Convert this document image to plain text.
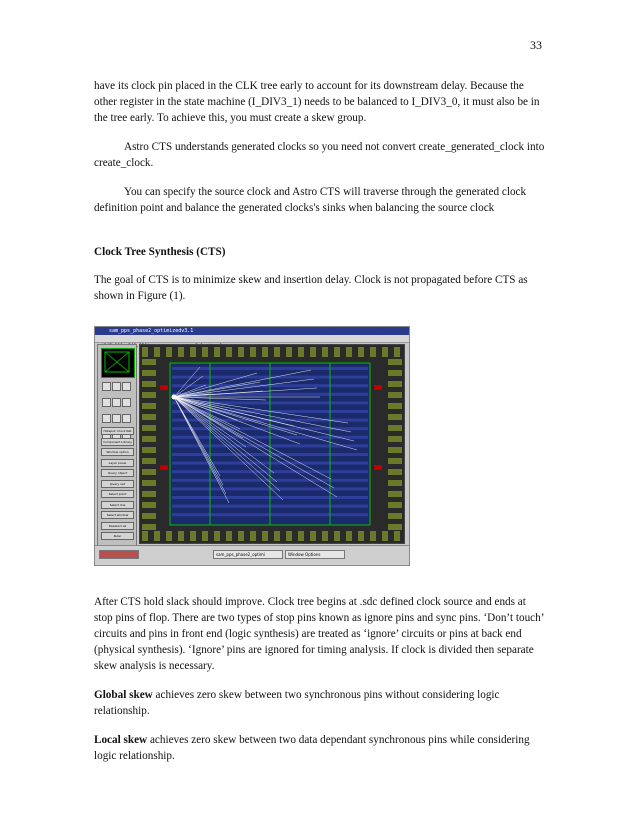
33

have its clock pin placed in the CLK tree early to account for its downstream delay. Because the other register in the state machine (I_DIV3_1) needs to be balanced to I_DIV3_0, it must also be in the tree early. To achieve this, you must create a skew group.

Astro CTS understands generated clocks so you need not convert create_generated_clock into create_clock.

You can specify the source clock and Astro CTS will traverse through the generated clock definition point and balance the generated clocks's sinks when balancing the source clock

Clock Tree Synthesis (CTS)

The goal of CTS is to minimize skew and insertion delay. Clock is not propagated before CTS as shown in Figure (1).

sam_pps_phase2_optimizedv3.1

Hotspot: Clock Net
Component Library
Window option
Layer panel
Query object
Query net
Select point
Select line
Select window
Deselect all
Ruler
sam_pps_phase2_optimi	Window Options

After CTS hold slack should improve. Clock tree begins at .sdc defined clock source and ends at stop pins of flop. There are two types of stop pins known as ignore pins and sync pins. ‘Don’t touch’ circuits and pins in front end (logic synthesis) are treated as ‘ignore’ circuits or pins at back end (physical synthesis). ‘Ignore’ pins are ignored for timing analysis. If clock is divided then separate skew analysis is necessary.

Global skew achieves zero skew between two synchronous pins without considering logic relationship.

Local skew achieves zero skew between two data dependant synchronous pins while considering logic relationship.
